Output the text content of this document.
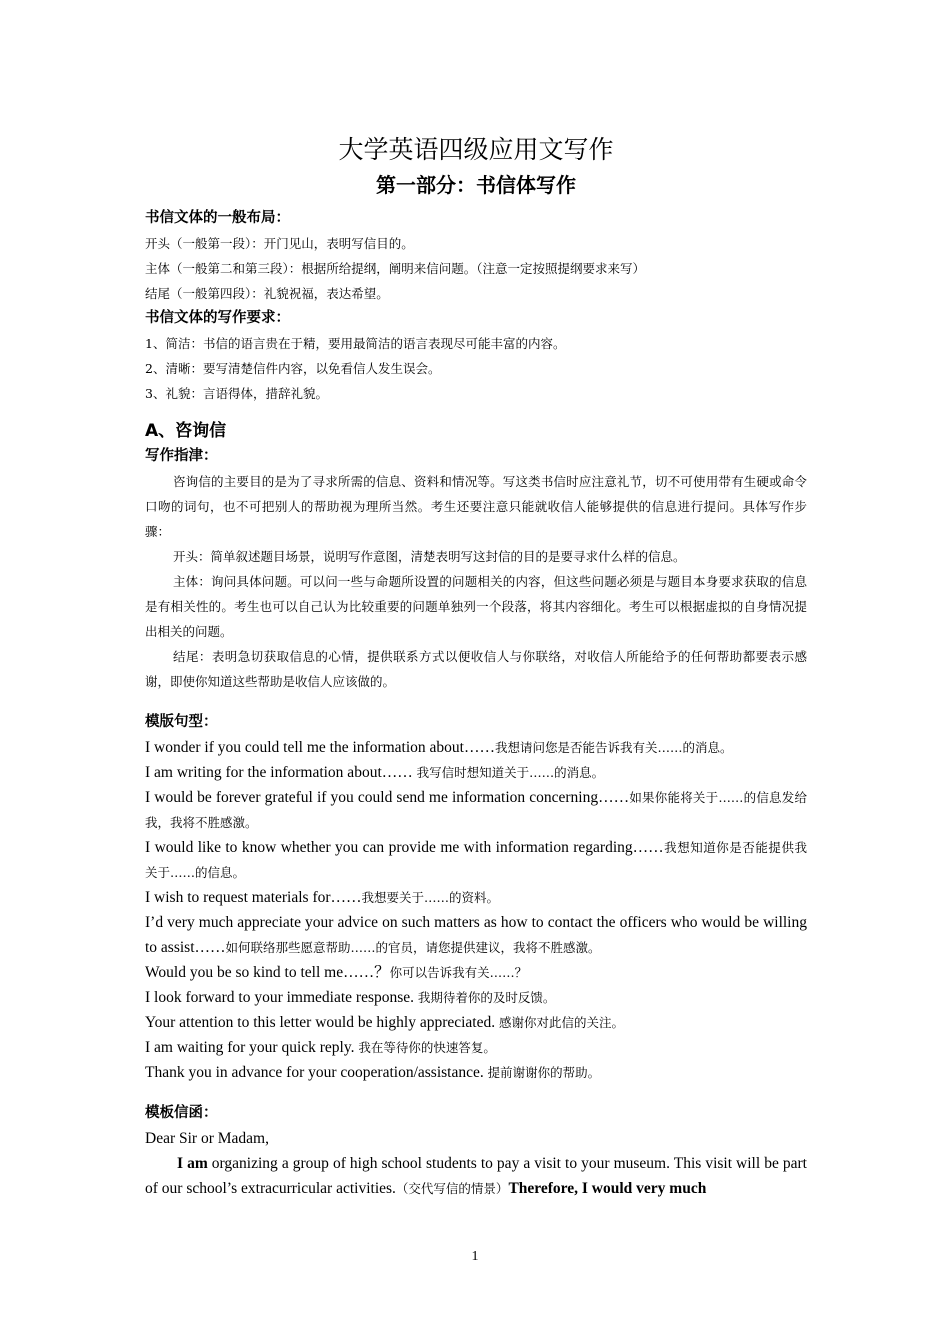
大学英语四级应用文写作
第一部分：书信体写作

书信文体的一般布局：

开头（一般第一段）：开门见山，表明写信目的。

主体（一般第二和第三段）：根据所给提纲，阐明来信问题。（注意一定按照提纲要求来写）

结尾（一般第四段）：礼貌祝福，表达希望。

书信文体的写作要求：

1、简洁：书信的语言贵在于精，要用最简洁的语言表现尽可能丰富的内容。

2、清晰：要写清楚信件内容，以免看信人发生误会。

3、礼貌：言语得体，措辞礼貌。

A、咨询信

写作指津：

咨询信的主要目的是为了寻求所需的信息、资料和情况等。写这类书信时应注意礼节，切不可使用带有生硬或命令口吻的词句，也不可把别人的帮助视为理所当然。考生还要注意只能就收信人能够提供的信息进行提问。具体写作步骤：

开头：简单叙述题目场景，说明写作意图，清楚表明写这封信的目的是要寻求什么样的信息。

主体：询问具体问题。可以问一些与命题所设置的问题相关的内容，但这些问题必须是与题目本身要求获取的信息是有相关性的。考生也可以自己认为比较重要的问题单独列一个段落，将其内容细化。考生可以根据虚拟的自身情况提出相关的问题。

结尾：表明急切获取信息的心情，提供联系方式以便收信人与你联络，对收信人所能给予的任何帮助都要表示感谢，即使你知道这些帮助是收信人应该做的。

模版句型：

I wonder if you could tell me the information about……我想请问您是否能告诉我有关……的消息。

I am writing for the information about…… 我写信时想知道关于……的消息。

I would be forever grateful if you could send me information concerning……如果你能将关于……的信息发给我，我将不胜感激。

I would like to know whether you can provide me with information regarding……我想知道你是否能提供我关于……的信息。

I wish to request materials for……我想要关于……的资料。

I’d very much appreciate your advice on such matters as how to contact the officers who would be willing to assist……如何联络那些愿意帮助……的官员，请您提供建议，我将不胜感激。

Would you be so kind to tell me……？你可以告诉我有关……？

I look forward to your immediate response. 我期待着你的及时反馈。

Your attention to this letter would be highly appreciated. 感谢你对此信的关注。

I am waiting for your quick reply. 我在等待你的快速答复。

Thank you in advance for your cooperation/assistance. 提前谢谢你的帮助。

模板信函：

Dear Sir or Madam,

I am organizing a group of high school students to pay a visit to your museum. This visit will be part of our school’s extracurricular activities.（交代写信的情景）Therefore, I would very much

1
